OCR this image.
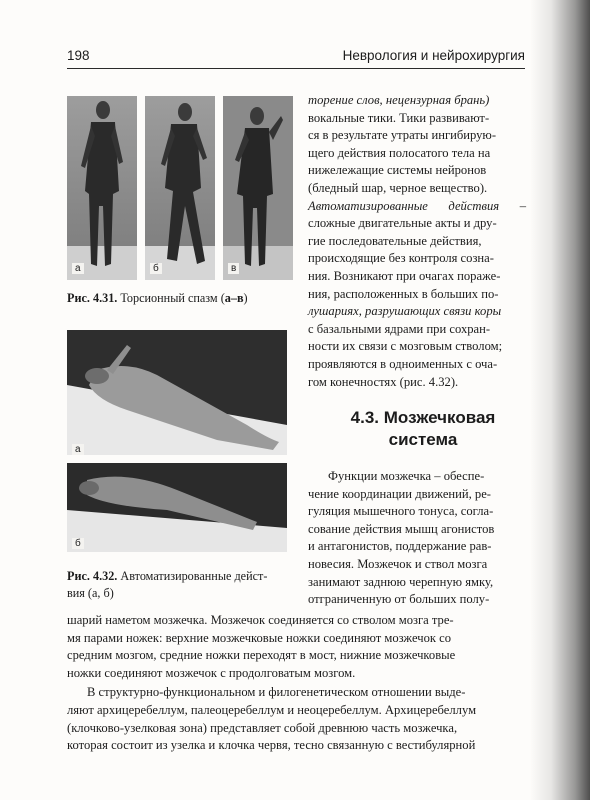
198	Неврология и нейрохирургия
а	б	в
Рис. 4.31. Торсионный спазм (а–в)
а
б
Рис. 4.32. Автоматизированные дейст-
вия (а, б)

торение слов, нецензурная брань)

вокальные тики. Тики развивают-

ся в результате утраты ингибирую-

щего действия полосатого тела на

нижележащие системы нейронов

(бледный шар, черное вещество).

Автоматизированные действия – сложные двигательные акты и дру-

гие последовательные действия,

происходящие без контроля созна-

ния. Возникают при очагах пораже-

ния, расположенных в больших по-

лушариях, разрушающих связи коры

с базальными ядрами при сохран-

ности их связи с мозговым стволом;

проявляются в одноименных с оча-

гом конечностях (рис. 4.32).

4.3. Мозжечковая
система

Функции мозжечка – обеспе-

чение координации движений, ре-

гуляция мышечного тонуса, согла-

сование действия мышц агонистов

и антагонистов, поддержание рав-

новесия. Мозжечок и ствол мозга

занимают заднюю черепную ямку,

отграниченную от больших полу-

шарий наметом мозжечка. Мозжечок соединяется со стволом мозга тре-

мя парами ножек: верхние мозжечковые ножки соединяют мозжечок со

средним мозгом, средние ножки переходят в мост, нижние мозжечковые

ножки соединяют мозжечок с продолговатым мозгом.

В структурно-функциональном и филогенетическом отношении выде-

ляют архицеребеллум, палеоцеребеллум и неоцеребеллум. Архицеребеллум

(клочково-узелковая зона) представляет собой древнюю часть мозжечка,

которая состоит из узелка и клочка червя, тесно связанную с вестибулярной
